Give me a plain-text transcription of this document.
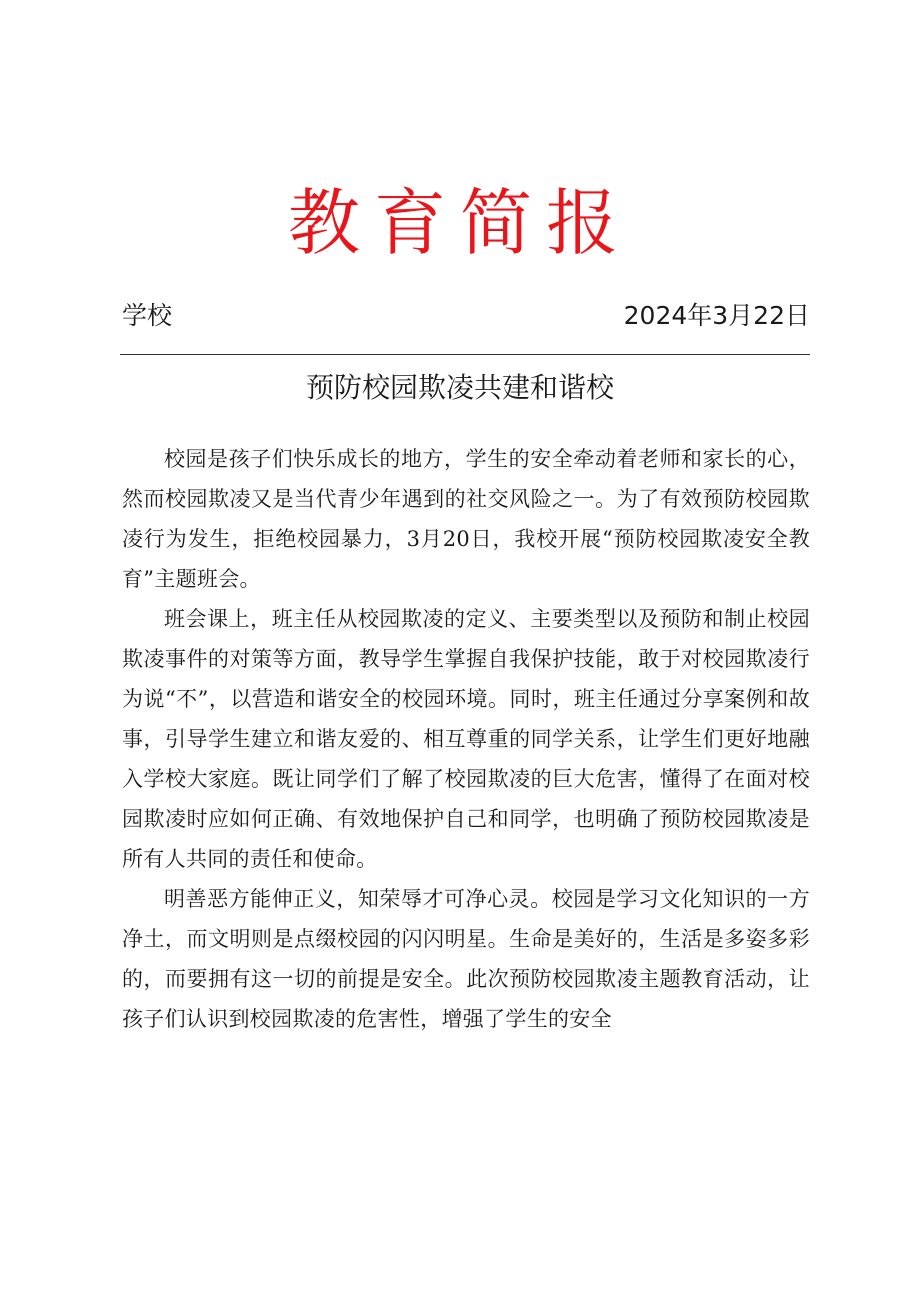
教育简报
学校	2024年3月22日
预防校园欺凌共建和谐校

校园是孩子们快乐成长的地方，学生的安全牵动着老师和家长的心，然而校园欺凌又是当代青少年遇到的社交风险之一。为了有效预防校园欺凌行为发生，拒绝校园暴力，3月20日，我校开展“预防校园欺凌安全教育”主题班会。

班会课上，班主任从校园欺凌的定义、主要类型以及预防和制止校园欺凌事件的对策等方面，教导学生掌握自我保护技能，敢于对校园欺凌行为说“不”，以营造和谐安全的校园环境。同时，班主任通过分享案例和故事，引导学生建立和谐友爱的、相互尊重的同学关系，让学生们更好地融入学校大家庭。既让同学们了解了校园欺凌的巨大危害，懂得了在面对校园欺凌时应如何正确、有效地保护自己和同学，也明确了预防校园欺凌是所有人共同的责任和使命。

明善恶方能伸正义，知荣辱才可净心灵。校园是学习文化知识的一方净土，而文明则是点缀校园的闪闪明星。生命是美好的，生活是多姿多彩的，而要拥有这一切的前提是安全。此次预防校园欺凌主题教育活动，让孩子们认识到校园欺凌的危害性，增强了学生的安全
